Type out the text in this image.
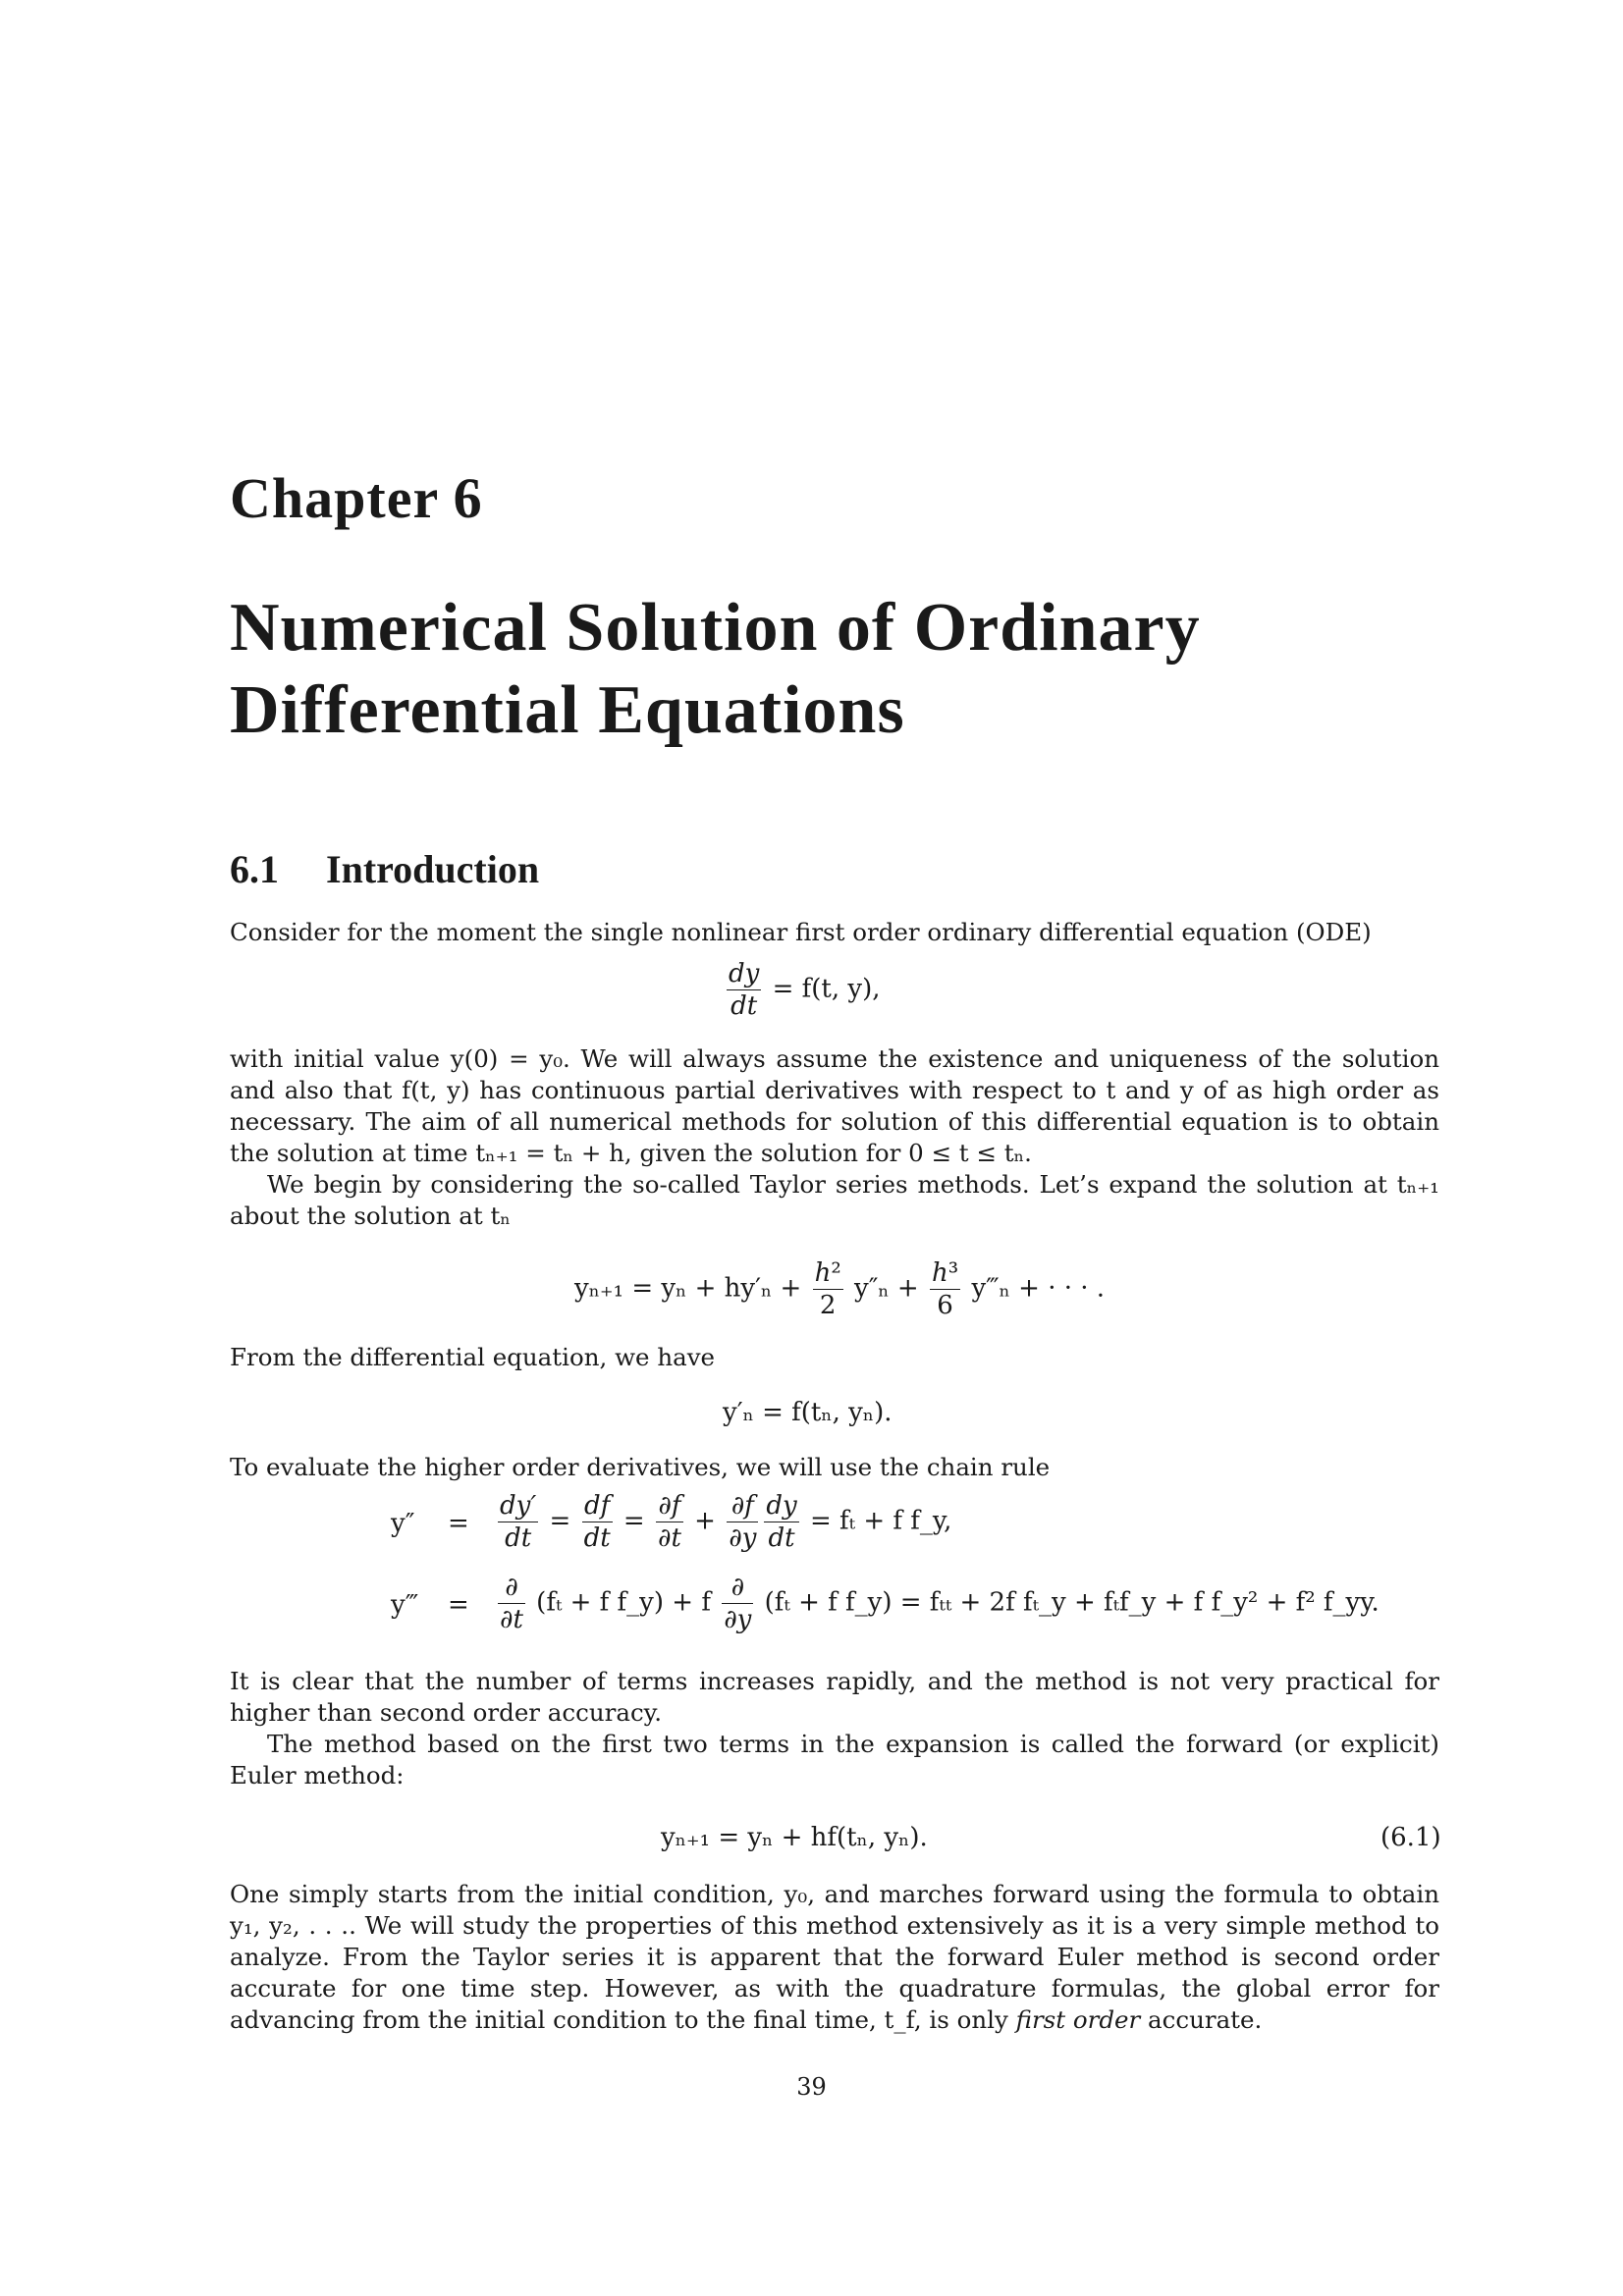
Chapter 6
Numerical Solution of Ordinary
Differential Equations
6.1 Introduction

Consider for the moment the single nonlinear first order ordinary differential equation (ODE)

$\frac{dy}{dt} = f(t$, y),

with initial value y(0) = y₀. We will always assume the existence and uniqueness of the solution and also that f(t, y) has continuous partial derivatives with respect to t and y of as high order as necessary. The aim of all numerical methods for solution of this differential equation is to obtain the solution at time tₙ₊₁ = tₙ + h, given the solution for 0 ≤ t ≤ tₙ.

We begin by considering the so-called Taylor series methods. Let’s expand the solution at tₙ₊₁ about the solution at tₙ

$y_{n+1} = y_n + hy'_n + \frac{\text{h²}}{2} y''_n + \frac{\text{h³}}{6}$ y‴ₙ + · · · .

From the differential equation, we have

y′ₙ = f(tₙ, yₙ).

To evaluate the higher order derivatives, we will use the chain rule

$y'' = \frac{dy'}{dt} = \frac{df}{dt} = \frac{\partial f}{\partial t} + \frac{\partial f}{\partial y} \frac{dy}{dt} = f_t + f$ f_y,
y‴ = $\frac{\partial}{\partial t} (f_t + f$ f_y) + f $\frac{\partial}{\partial y} (f_t + f$ f_y) = fₜₜ + 2f fₜ_y + fₜf_y + f f_y² + f² f_yy.

It is clear that the number of terms increases rapidly, and the method is not very practical for higher than second order accuracy.

The method based on the first two terms in the expansion is called the forward (or explicit) Euler method:

yₙ₊₁ = yₙ + hf(tₙ, yₙ).	(6.1)

One simply starts from the initial condition, y₀, and marches forward using the formula to obtain y₁, y₂, . . .. We will study the properties of this method extensively as it is a very simple method to analyze. From the Taylor series it is apparent that the forward Euler method is second order accurate for one time step. However, as with the quadrature formulas, the global error for advancing from the initial condition to the final time, t_f, is only first order accurate.

39
